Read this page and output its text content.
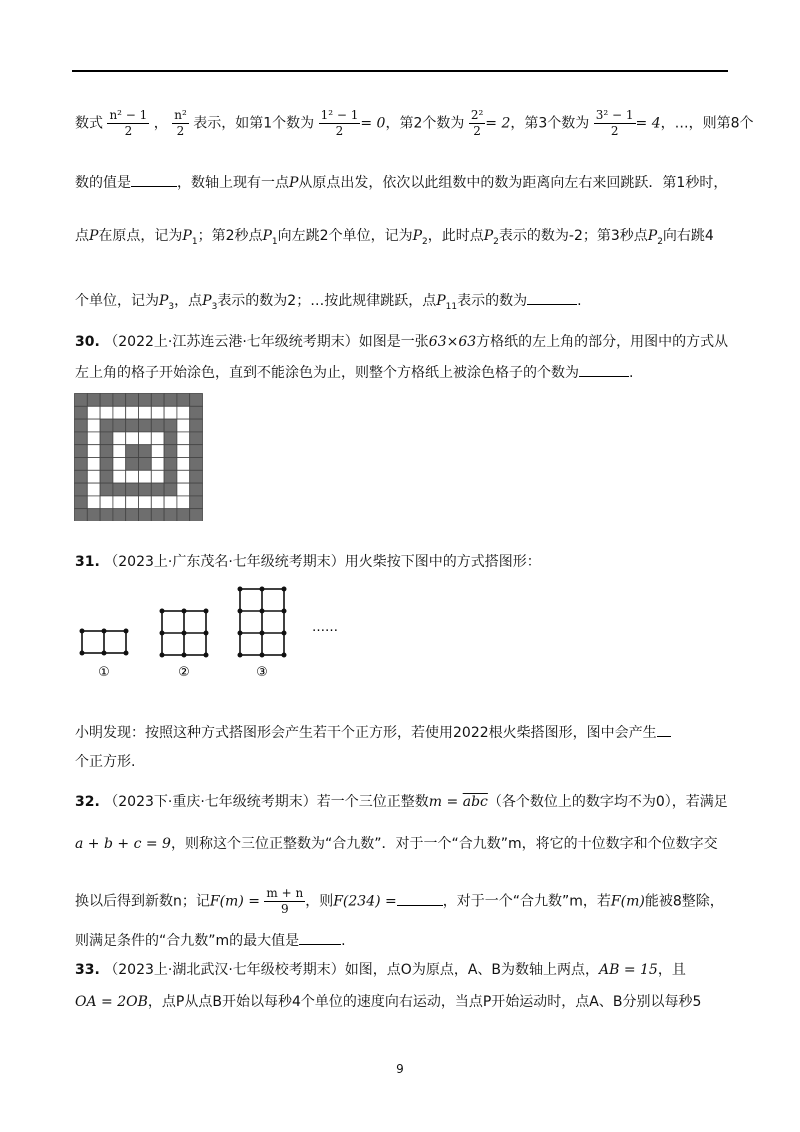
数式 $\frac{\text{n² − 1}}{2}$ ， $\frac{\text{n²}}{2}$ 表示，如第1个数为 $\frac{\text{1² − 1}}{2} = 0$，第2个数为 $\frac{\text{2²}}{2} = 2$，第3个数为 $\frac{\text{3² − 1}}{2} = 4$，…，则第8个
数的值是	，数轴上现有一点P从原点出发，依次以此组数中的数为距离向左右来回跳跃．第1秒时，
点P在原点，记为$P_1$；第2秒点$P_1$向左跳2个单位，记为$P_2$，此时点$P_2$表示的数为-2；第3秒点$P_2$向右跳4
个单位，记为$P_3$，点$P_3$表示的数为2；…按此规律跳跃，点$P_{11}$表示的数为	.
30. （2022上·江苏连云港·七年级统考期末）如图是一张63×63方格纸的左上角的部分，用图中的方式从
左上角的格子开始涂色，直到不能涂色为止，则整个方格纸上被涂色格子的个数为	.
31. （2023上·广东茂名·七年级统考期末）用火柴按下图中的方式搭图形：
①	②	③
……
小明发现：按照这种方式搭图形会产生若干个正方形，若使用2022根火柴搭图形，图中会产生
个正方形.
32. （2023下·重庆·七年级统考期末）若一个三位正整数$m = \overline{abc}$（各个数位上的数字均不为0），若满足
a + b + c = 9，则称这个三位正整数为“合九数”．对于一个“合九数”m，将它的十位数字和个位数字交
换以后得到新数n；记$F(m) = \frac{m + n}{9}$ ，则F(234) =	，对于一个“合九数”m，若F(m)能被8整除，
则满足条件的“合九数”m的最大值是	.
33. （2023上·湖北武汉·七年级校考期末）如图，点O为原点，A、B为数轴上两点，AB = 15，且
OA = 2OB，点P从点B开始以每秒4个单位的速度向右运动，当点P开始运动时，点A、B分别以每秒5
9
